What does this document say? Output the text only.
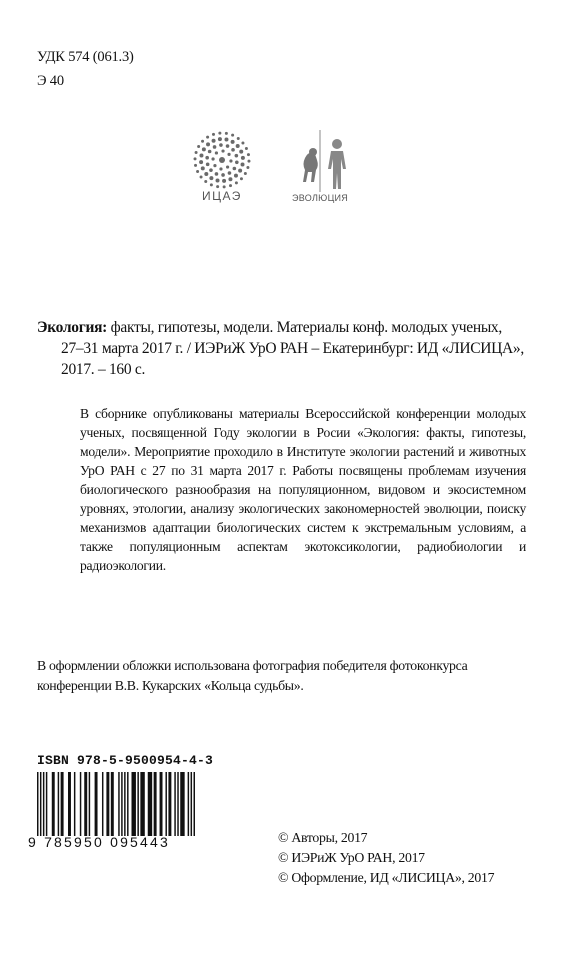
УДК 574 (061.3)
Э 40
ИЦАЭ	ЭВОЛЮЦИЯ

Экология: факты, гипотезы, модели. Материалы конф. молодых ученых,

27–31 марта 2017 г. / ИЭРиЖ УрО РАН – Екатеринбург: ИД «ЛИСИЦА»,

2017. – 160 с.

В сборнике опубликованы материалы Всероссийской конференции молодых ученых, посвященной Году экологии в Росии «Экология: факты, гипотезы, модели». Мероприятие проходило в Институте экологии растений и животных УрО РАН с 27 по 31 марта 2017 г. Работы посвящены проблемам изучения биологического разнообразия на популяционном, видовом и экосистемном уровнях, этологии, анализу экологических закономерностей эволюции, поиску механизмов адаптации биологических систем к экстремальным условиям, а также популяционным аспектам экотоксикологии, радиобиологии и радиоэкологии.

В оформлении обложки использована фотография победителя фотоконкурса конференции В.В. Кукарских «Кольца судьбы».

ISBN 978-5-9500954-4-3
9 785950 095443	© Авторы, 2017

© ИЭРиЖ УрО РАН, 2017

© Оформление, ИД «ЛИСИЦА», 2017
